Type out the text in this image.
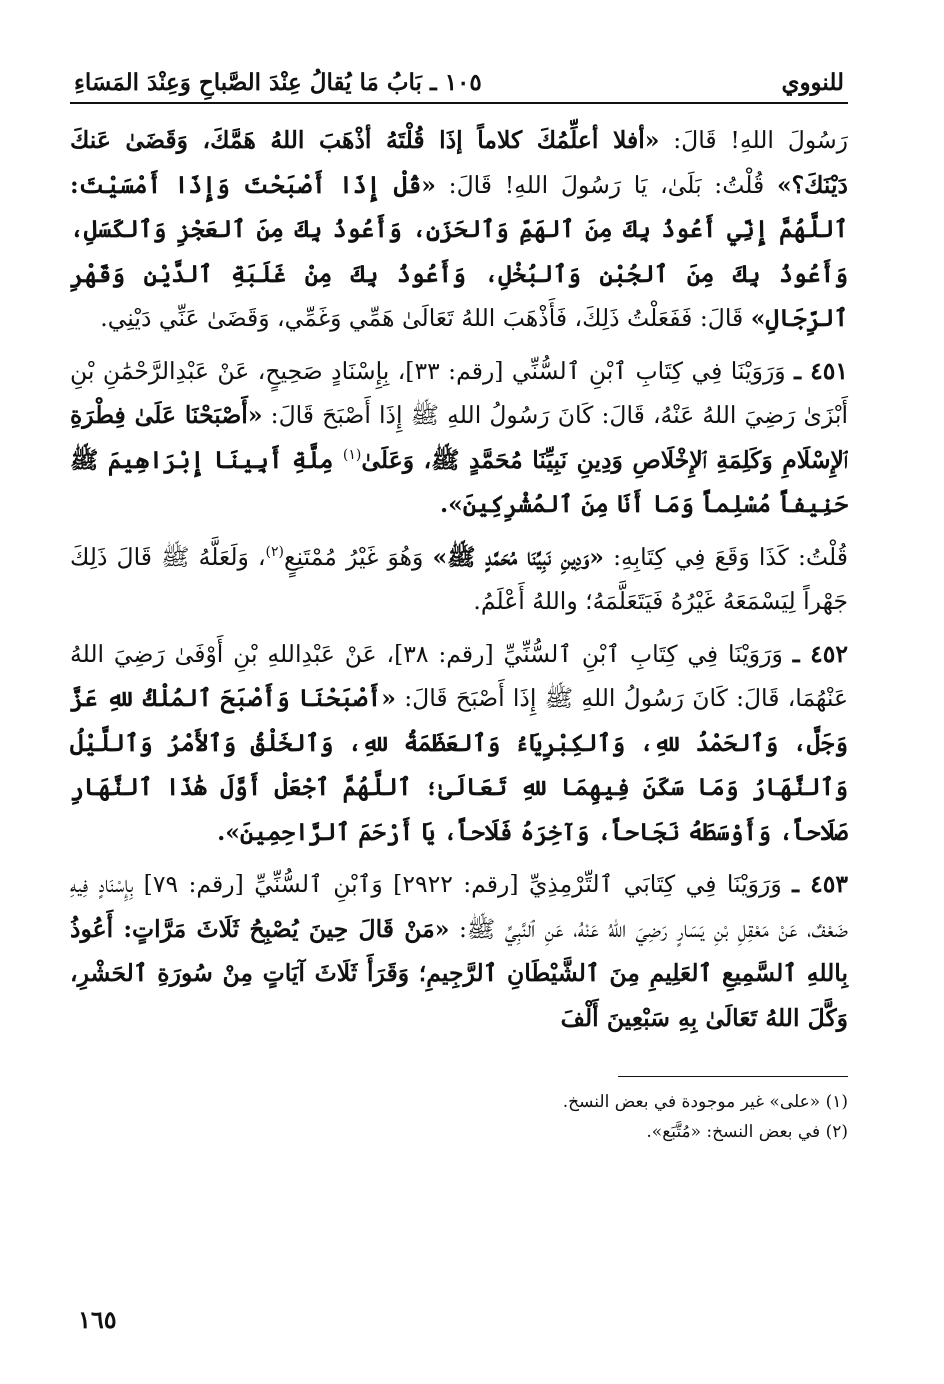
للنووي
١٠٥ ـ بَابُ مَا يُقالُ عِنْدَ الصَّباحِ وَعِنْدَ المَسَاءِ

رَسُولَ اللهِ! قَالَ: «أفلا أعلِّمُكَ كلاماً إذَا قُلْتَهُ أذْهَبَ اللهُ هَمَّكَ، وَقَضَىٰ عَنكَ دَيْنَكَ؟» قُلْتُ: بَلَىٰ، يَا رَسُولَ اللهِ! قَالَ: «قُلْ إِذَا أَصْبَحْتَ وَإِذَا أَمْسَيْتَ: ٱللَّهُمَّ إِنِّي أَعُوذُ بِكَ مِنَ ٱلهَمِّ وَٱلحَزَنِ، وَأَعُوذُ بِكَ مِنَ ٱلعَجْزِ وَٱلكَسَلِ، وَأَعُوذُ بِكَ مِنَ ٱلجُبْنِ وَٱلبُخْلِ، وَأَعُوذُ بِكَ مِنْ غَلَبَةِ ٱلدَّيْنِ وَقَهْرِ ٱلرِّجَالِ» قَالَ: فَفَعَلْتُ ذَلِكَ، فَأَذْهَبَ اللهُ تَعَالَىٰ هَمِّي وَغَمِّي، وَقَضَىٰ عَنِّي دَيْنِي.

٤٥١ ـ وَرَوَيْنَا فِي كِتَابِ ٱبْنِ ٱلسُّنِّي [رقم: ٣٣]، بِإِسْنَادٍ صَحِيحٍ، عَنْ عَبْدِالرَّحْمَٰنِ بْنِ أَبْزَىٰ رَضِيَ اللهُ عَنْهُ، قَالَ: كَانَ رَسُولُ اللهِ ﷺ إِذَا أَصْبَحَ قَالَ: «أَصْبَحْنَا عَلَىٰ فِطْرَةِ ٱلإِسْلَامِ وَكَلِمَةِ ٱلإِخْلَاصِ وَدِينِ نَبِيِّنَا مُحَمَّدٍ ﷺ، وَعَلَىٰ$^{(١)}$ مِلَّةِ أَبِينَا إِبْرَاهِيمَ ﷺ حَنِيفاً مُسْلِماً وَمَا أَنَا مِنَ ٱلمُشْرِكِينَ».

قُلْتُ: كَذَا وَقَعَ فِي كِتَابِهِ: «وَدِينِ نَبِيِّنَا مُحَمَّدٍ ﷺ» وَهُوَ غَيْرُ مُمْتَنِعٍ$^{(٢)}$، وَلَعَلَّهُ ﷺ قَالَ ذَلِكَ جَهْراً لِيَسْمَعَهُ غَيْرُهُ فَيَتَعَلَّمَهُ؛ واللهُ أَعْلَمُ.

٤٥٢ ـ وَرَوَيْنَا فِي كِتَابِ ٱبْنِ ٱلسُّنِّيِّ [رقم: ٣٨]، عَنْ عَبْدِاللهِ بْنِ أَوْفَىٰ رَضِيَ اللهُ عَنْهُمَا، قَالَ: كَانَ رَسُولُ اللهِ ﷺ إِذَا أَصْبَحَ قَالَ: «أَصْبَحْنَا وَأَصْبَحَ ٱلمُلْكُ للهِ عَزَّ وَجَلَّ، وَٱلحَمْدُ للهِ، وَٱلكِبْرِيَاءُ وَٱلعَظَمَةُ للهِ، وَٱلخَلْقُ وَٱلأَمْرُ وَٱللَّيْلُ وَٱلنَّهَارُ وَمَا سَكَنَ فِيهِمَا للهِ تَعَالَىٰ؛ ٱللَّهُمَّ ٱجْعَلْ أَوَّلَ هَٰذَا ٱلنَّهَارِ صَلَاحاً، وَأَوْسَطَهُ نَجَاحاً، وَآخِرَهُ فَلَاحاً، يَا أَرْحَمَ ٱلرَّاحِمِينَ».

٤٥٣ ـ وَرَوَيْنَا فِي كِتَابَي ٱلتِّرْمِذِيِّ [رقم: ٢٩٢٢] وَٱبْنِ ٱلسُّنِّيِّ [رقم: ٧٩] بِإِسْنَادٍ فِيهِ ضَعْفٌ، عَنْ مَعْقِلِ بْنِ يَسَارٍ رَضِيَ اللهُ عَنْهُ، عَنِ ٱلنَّبِيِّ ﷺ: «مَنْ قَالَ حِينَ يُصْبِحُ ثَلَاثَ مَرَّاتٍ: أَعُوذُ بِاللهِ ٱلسَّمِيعِ ٱلعَلِيمِ مِنَ ٱلشَّيْطَانِ ٱلرَّجِيمِ؛ وَقَرَأَ ثَلَاثَ آيَاتٍ مِنْ سُورَةِ ٱلحَشْرِ، وَكَّلَ اللهُ تَعَالَىٰ بِهِ سَبْعِينَ أَلْفَ

(١) «على» غير موجودة في بعض النسخ.
(٢) في بعض النسخ: «مُتَّبَع».
١٦٥
